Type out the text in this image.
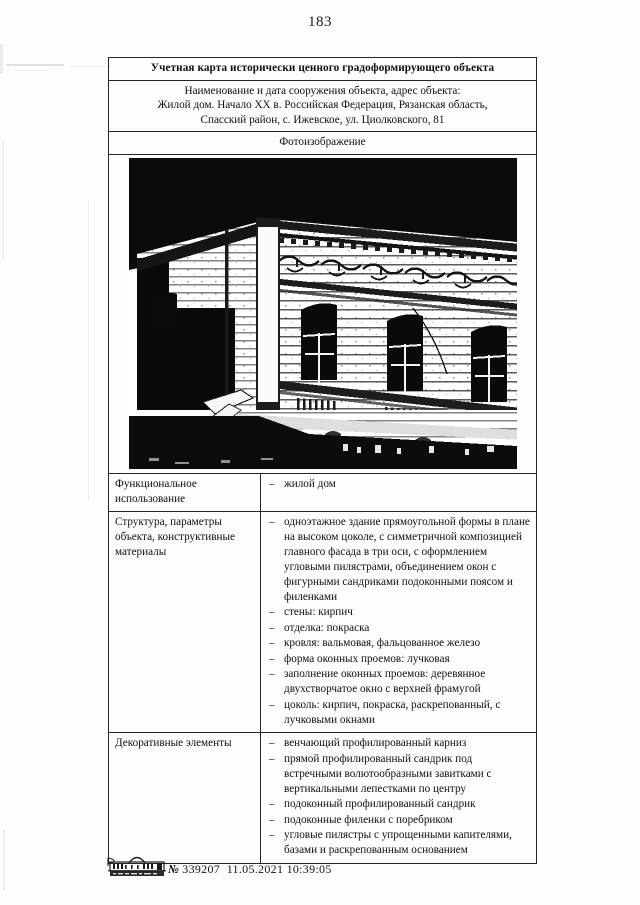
183
Учетная карта исторически ценного градоформирующего объекта	

Наименование и дата сооружения объекта, адрес объекта:
Жилой дом. Начало XX в. Российская Федерация, Рязанская область,
Спасский район, с. Ижевское, ул. Циолковского, 81	

Фотоизображение	

Функциональное использование

– жилой дом

Структура, параметры объекта, конструктивные материалы

– одноэтажное здание прямоугольной формы в плане на высоком цоколе, с симметричной композицией главного фасада в три оси, с оформлением угловыми пилястрами, объединением окон с фигурными сандриками подоконными поясом и филенками
– стены: кирпич
– отделка: покраска
– кровля: вальмовая, фальцованное железо
– форма оконных проемов: лучковая
– заполнение оконных проемов: деревянное двухстворчатое окно с верхней фрамугой
– цоколь: кирпич, покраска, раскрепованный, с лучковыми окнами

Декоративные элементы

–венчающий профилированный карниз
– прямой профилированный сандрик под встречными волютообразными завитками с вертикальными лепестками по центру
– подоконный профилированный сандрик
– подоконные филенки с поребриком
– угловые пилястры с упрощенными капителями, базами и раскрепованным основанием
№ 339207 11.05.2021 10:39:05
